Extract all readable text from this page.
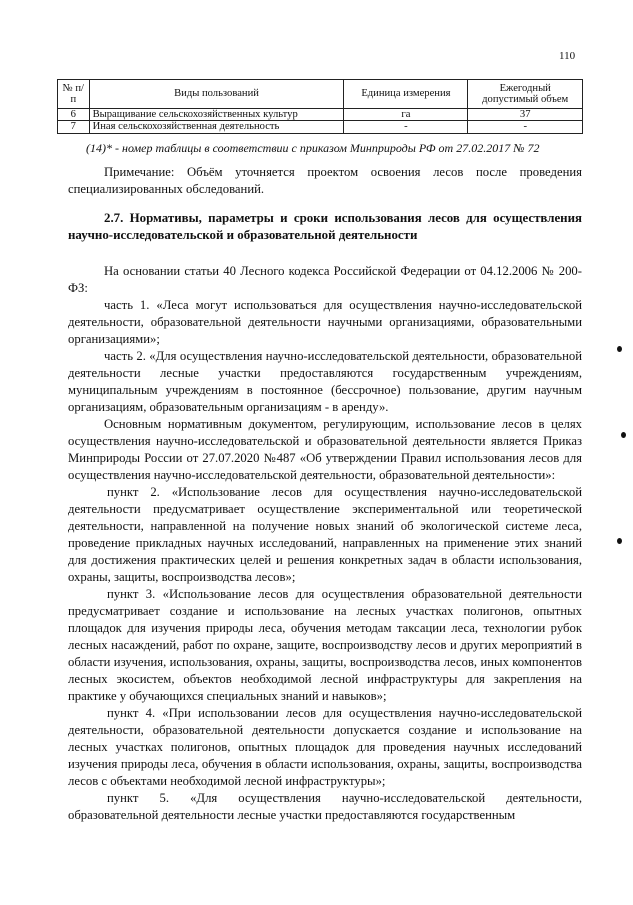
110
№ п/п	Виды пользований	Единица измерения	Ежегодный допустимый объем
6	Выращивание сельскохозяйственных культур	га	37
7	Иная сельскохозяйственная деятельность	-	-
(14)* - номер таблицы в соответствии с приказом Минприроды РФ от 27.02.2017 № 72

Примечание: Объём уточняется проектом освоения лесов после проведения специализированных обследований.

2.7. Нормативы, параметры и сроки использования лесов для осуществления научно-исследовательской и образовательной деятельности

На основании статьи 40 Лесного кодекса Российской Федерации от 04.12.2006 № 200-ФЗ:

часть 1. «Леса могут использоваться для осуществления научно-исследовательской деятельности, образовательной деятельности научными организациями, образовательными организациями»;

часть 2. «Для осуществления научно-исследовательской деятельности, образовательной деятельности лесные участки предоставляются государственным учреждениям, муниципальным учреждениям в постоянное (бессрочное) пользование, другим научным организациям, образовательным организациям - в аренду».

Основным нормативным документом, регулирующим, использование лесов в целях осуществления научно-исследовательской и образовательной деятельности является Приказ Минприроды России от 27.07.2020 №487 «Об утверждении Правил использования лесов для осуществления научно-исследовательской деятельности, образовательной деятельности»:

пункт 2. «Использование лесов для осуществления научно-исследовательской деятельности предусматривает осуществление экспериментальной или теоретической деятельности, направленной на получение новых знаний об экологической системе леса, проведение прикладных научных исследований, направленных на применение этих знаний для достижения практических целей и решения конкретных задач в области использования, охраны, защиты, воспроизводства лесов»;

пункт 3. «Использование лесов для осуществления образовательной деятельности предусматривает создание и использование на лесных участках полигонов, опытных площадок для изучения природы леса, обучения методам таксации леса, технологии рубок лесных насаждений, работ по охране, защите, воспроизводству лесов и других мероприятий в области изучения, использования, охраны, защиты, воспроизводства лесов, иных компонентов лесных экосистем, объектов необходимой лесной инфраструктуры для закрепления на практике у обучающихся специальных знаний и навыков»;

пункт 4. «При использовании лесов для осуществления научно-исследовательской деятельности, образовательной деятельности допускается создание и использование на лесных участках полигонов, опытных площадок для проведения научных исследований изучения природы леса, обучения в области использования, охраны, защиты, воспроизводства лесов с объектами необходимой лесной инфраструктуры»;

пункт 5. «Для осуществления научно-исследовательской деятельности, образовательной деятельности лесные участки предоставляются государственным
